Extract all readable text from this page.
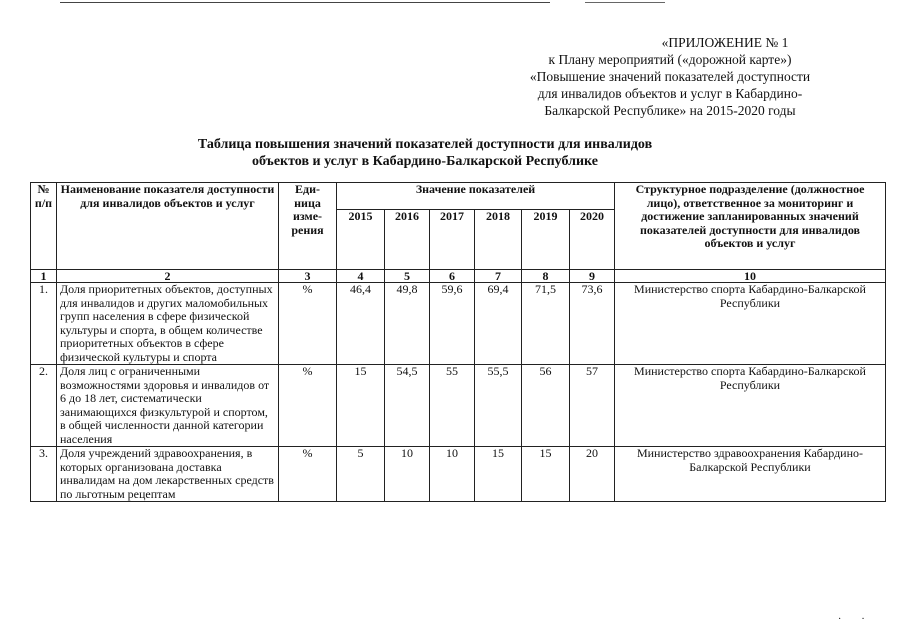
«ПРИЛОЖЕНИЕ № 1
к Плану мероприятий («дорожной карте»)
«Повышение значений показателей доступности
для инвалидов объектов и услуг в Кабардино-
Балкарской Республике» на 2015-2020 годы
Таблица повышения значений показателей доступности для инвалидов
объектов и услуг в Кабардино-Балкарской Республике
№ п/п	Наименование показателя доступности для инвалидов объектов и услуг	Еди-ница изме-рения	Значение показателей						Структурное подразделение (должностное лицо), ответственное за мониторинг и достижение запланированных значений показателей доступности для инвалидов объектов и услуг
			2015	2016	2017	2018	2019	2020	
1	2	3	4	5	6	7	8	9	10
1.	Доля приоритетных объектов, доступных для инвалидов и других маломобильных групп населения в сфере физической культуры и спорта, в общем количестве приоритетных объектов в сфере физической культуры и спорта	%	46,4	49,8	59,6	69,4	71,5	73,6	Министерство спорта Кабардино-Балкарской Республики
2.	Доля лиц с ограниченными возможностями здоровья и инвалидов от 6 до 18 лет, систематически занимающихся физкультурой и спортом, в общей численности данной категории населения	%	15	54,5	55	55,5	56	57	Министерство спорта Кабардино-Балкарской Республики
3.	Доля учреждений здравоохранения, в которых организована доставка инвалидам на дом лекарственных средств по льготным рецептам	%	5	10	10	15	15	20	Министерство здравоохранения Кабардино-Балкарской Республики
·        ·
